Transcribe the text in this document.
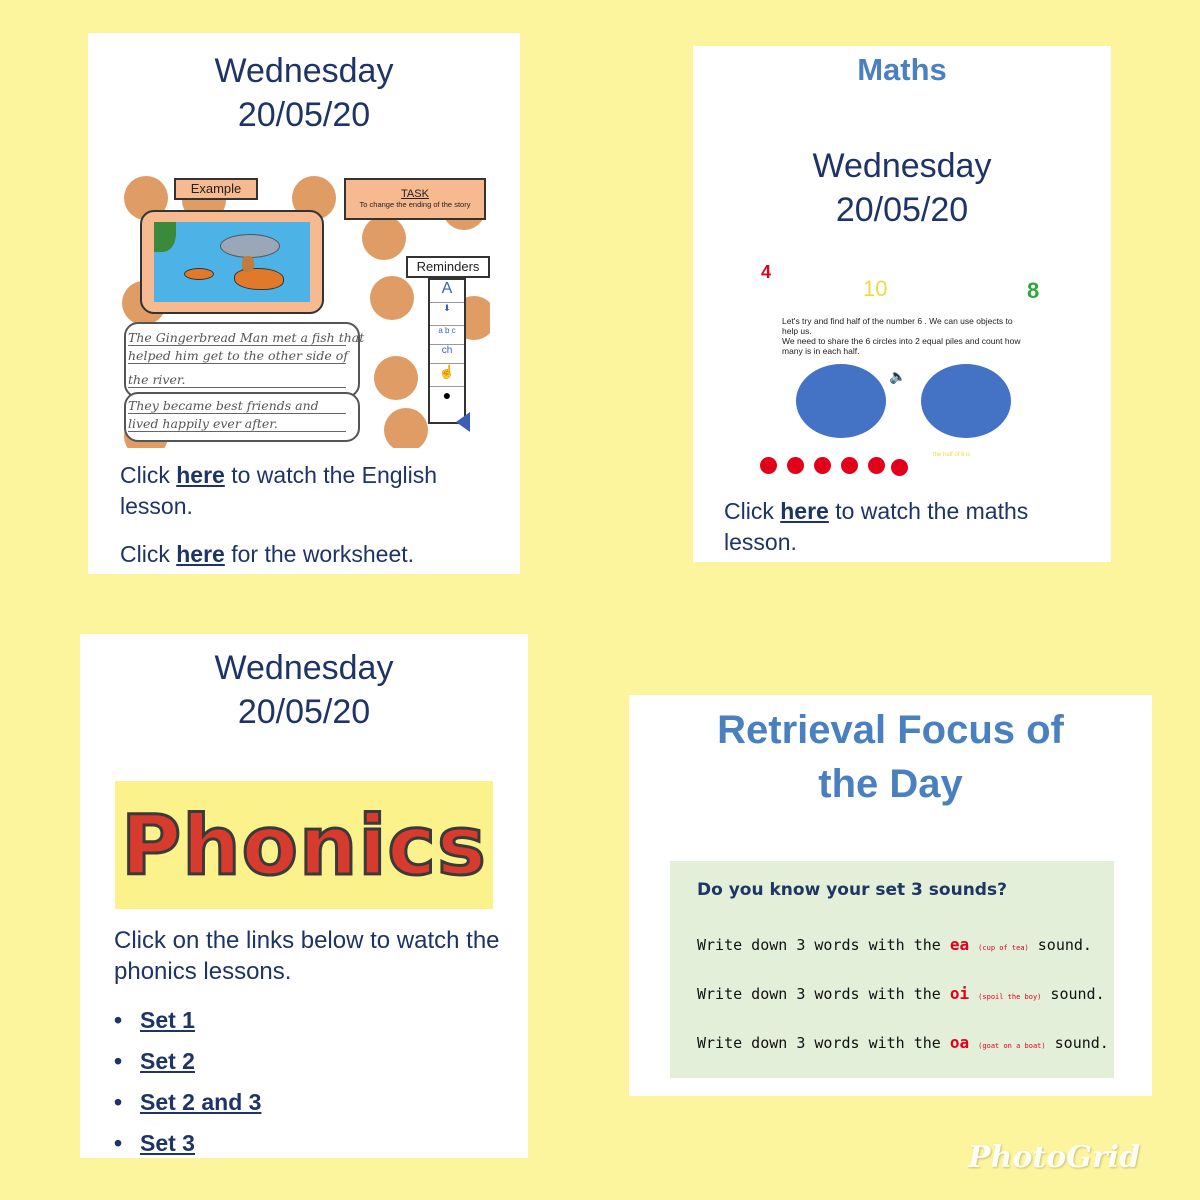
Wednesday
20/05/20
Example	TASK
To change the ending of the story
Reminders
A
⬇
a b c
ch
☝
●
The Gingerbread Man met a fish that
helped him get to the other side of
the river.
They became best friends and
lived happily ever after.
Click here to watch the English lesson.
Click here for the worksheet.
Maths
Wednesday
20/05/20
4
10	8
Let's try and find half of the number 6 . We can use objects to help us.
We need to share the 6 circles into 2 equal piles and count how many is in each half.
🔈
the half of 6 is
Click here to watch the maths lesson.
Wednesday
20/05/20
Phonics
Click on the links below to watch the phonics lessons.
• Set 1
• Set 2
• Set 2 and 3
• Set 3
Retrieval Focus of the Day
Do you know your set 3 sounds?
Write down 3 words with the ea (cup of tea) sound.
Write down 3 words with the oi (spoil the boy) sound.
Write down 3 words with the oa (goat on a boat) sound.
PhotoGrid
